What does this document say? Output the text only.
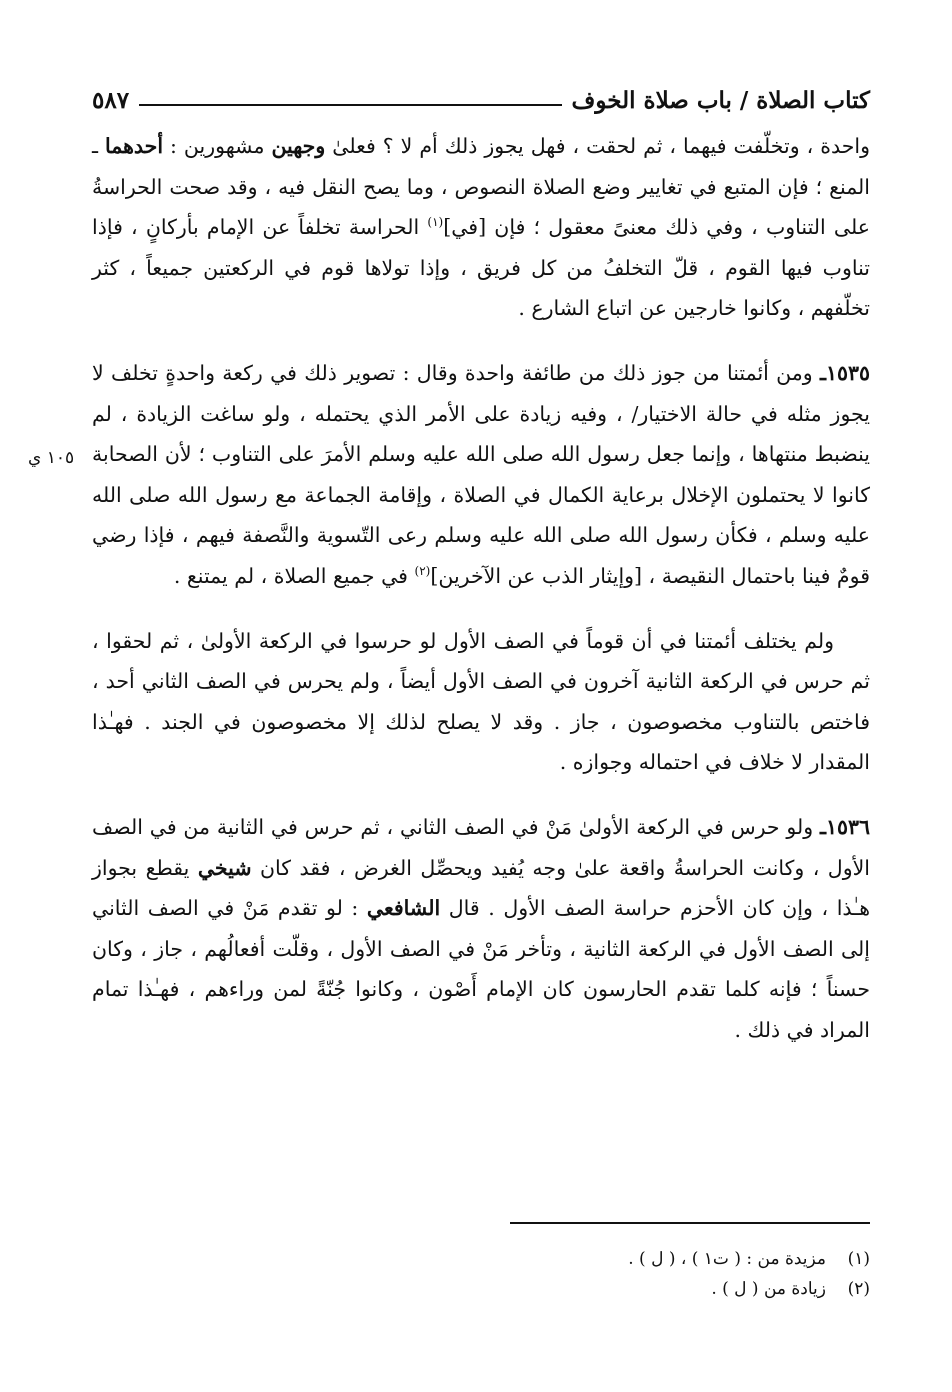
كتاب الصلاة / باب صلاة الخوف
٥٨٧

واحدة ، وتخلّفت فيهما ، ثم لحقت ، فهل يجوز ذلك أم لا ؟ فعلىٰ وجهين مشهورين : أحدهما ـ المنع ؛ فإن المتبع في تغايير وضع الصلاة النصوص ، وما يصح النقل فيه ، وقد صحت الحراسةُ على التناوب ، وفي ذلك معنىً معقول ؛ فإن [في]$^{(١)}$ الحراسة تخلفاً عن الإمام بأركانٍ ، فإذا تناوب فيها القوم ، قلّ التخلفُ من كل فريق ، وإذا تولاها قوم في الركعتين جميعاً ، كثر تخلّفهم ، وكانوا خارجين عن اتباع الشارع .

١٥٣٥ـ ومن أئمتنا من جوز ذلك من طائفة واحدة وقال : تصوير ذلك في ركعة واحدةٍ تخلف لا يجوز مثله في حالة الاختيار/ ، وفيه زيادة على الأمر الذي يحتمله ، ولو ساغت الزيادة ، لم ينضبط منتهاها ، وإنما جعل رسول الله صلى الله عليه وسلم الأمرَ على التناوب ؛ لأن الصحابة كانوا لا يحتملون الإخلال برعاية الكمال في الصلاة ، وإقامة الجماعة مع رسول الله صلى الله عليه وسلم ، فكأن رسول الله صلى الله عليه وسلم رعى التّسوية والنَّصفة فيهم ، فإذا رضي قومٌ فينا باحتمال النقيصة ، [وإيثار الذب عن الآخرين]$^{(٢)}$ في جميع الصلاة ، لم يمتنع .

ولم يختلف أئمتنا في أن قوماً في الصف الأول لو حرسوا في الركعة الأولىٰ ، ثم لحقوا ، ثم حرس في الركعة الثانية آخرون في الصف الأول أيضاً ، ولم يحرس في الصف الثاني أحد ، فاختص بالتناوب مخصوصون ، جاز . وقد لا يصلح لذلك إلا مخصوصون في الجند . فهـٰذا المقدار لا خلاف في احتماله وجوازه .

١٥٣٦ـ ولو حرس في الركعة الأولىٰ مَنْ في الصف الثاني ، ثم حرس في الثانية من في الصف الأول ، وكانت الحراسةُ واقعة علىٰ وجه يُفيد ويحصِّل الغرض ، فقد كان شيخي يقطع بجواز هـٰذا ، وإن كان الأحزم حراسة الصف الأول . قال الشافعي : لو تقدم مَنْ في الصف الثاني إلى الصف الأول في الركعة الثانية ، وتأخر مَنْ في الصف الأول ، وقلّت أفعالُهم ، جاز ، وكان حسناً ؛ فإنه كلما تقدم الحارسون كان الإمام أَصْون ، وكانوا جُنّةً لمن وراءهم ، فهـٰذا تمام المراد في ذلك .

١٠٥ ي
(١)مزيدة من : ( ت١ ) ، ( ل ) .
(٢)زيادة من ( ل ) .
